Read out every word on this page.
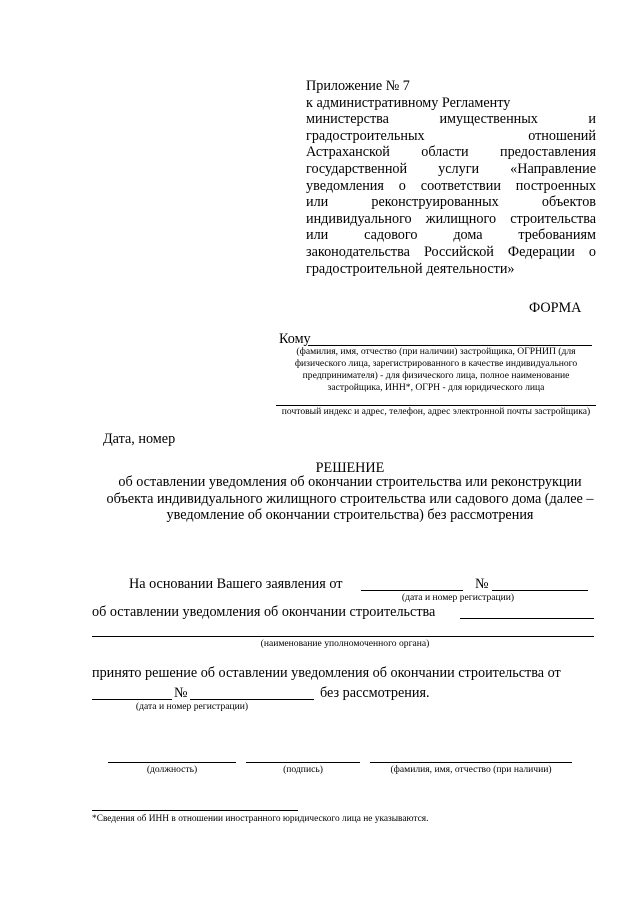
Приложение № 7
к административному Регламенту
министерства имущественных и
градостроительных отношений
Астраханской области предоставления
государственной услуги «Направление
уведомления о соответствии построенных
или реконструированных объектов
индивидуального жилищного строительства
или садового дома требованиям
законодательства Российской Федерации о
градостроительной деятельности»
ФОРМА
Кому
(фамилия, имя, отчество (при наличии) застройщика, ОГРНИП (для физического лица, зарегистрированного в качестве индивидуального предпринимателя) - для физического лица, полное наименование застройщика, ИНН*, ОГРН - для юридического лица
почтовый индекс и адрес, телефон, адрес электронной почты застройщика)
Дата, номер
РЕШЕНИЕ
об оставлении уведомления об окончании строительства или реконструкции объекта индивидуального жилищного строительства или садового дома (далее – уведомление об окончании строительства) без рассмотрения
На основании Вашего заявления от	№
(дата и номер регистрации)
об оставлении уведомления об окончании строительства
(наименование уполномоченного органа)
принято решение об оставлении уведомления об окончании строительства от
№	без рассмотрения.
(дата и номер регистрации)
(должность)	(подпись)	(фамилия, имя, отчество (при наличии)
*Сведения об ИНН в отношении иностранного юридического лица не указываются.
